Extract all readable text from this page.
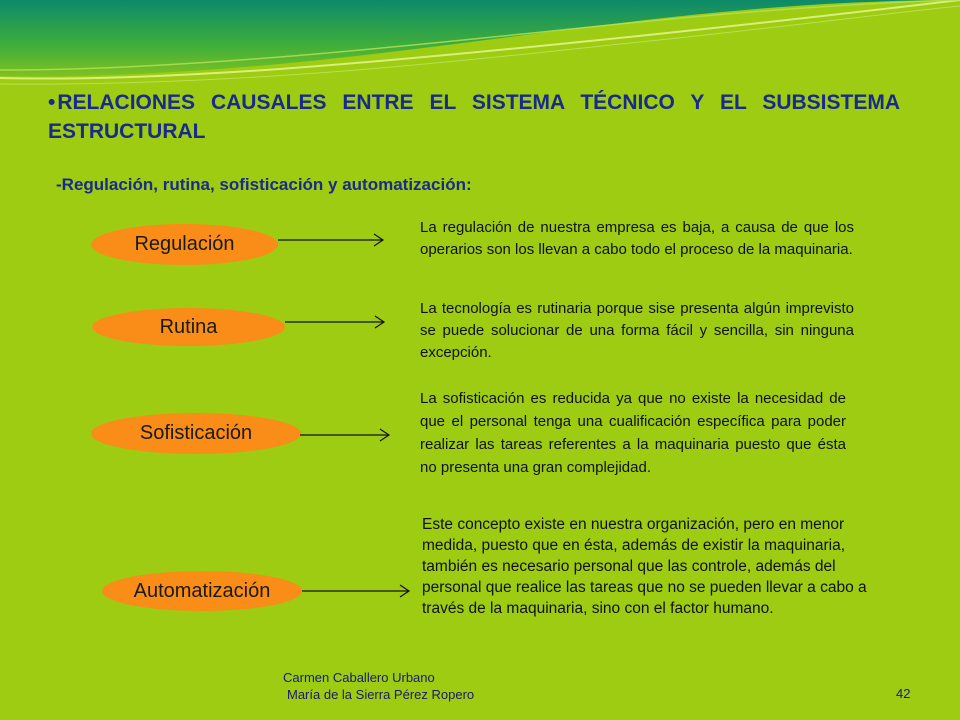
•RELACIONES CAUSALES ENTRE EL SISTEMA TÉCNICO Y EL SUBSISTEMA ESTRUCTURAL

-Regulación, rutina, sofisticación y automatización:

Regulación

La regulación de nuestra empresa es baja, a causa de que los operarios son los llevan a cabo todo el proceso de la maquinaria.

Rutina

La tecnología es rutinaria porque sise presenta algún imprevisto se puede solucionar de una forma fácil y sencilla, sin ninguna excepción.

Sofisticación

La sofisticación es reducida ya que no existe la necesidad de que el personal tenga una cualificación específica para poder realizar las tareas referentes a la maquinaria puesto que ésta no presenta una gran complejidad.

Automatización

Este concepto existe en nuestra organización, pero en menor medida, puesto que en ésta, además de existir la maquinaria, también es necesario personal que las controle, además del personal que realice las tareas que no se pueden llevar a cabo a través de la maquinaria, sino con el factor humano.

Carmen Caballero Urbano
María de la Sierra Pérez Ropero	42
